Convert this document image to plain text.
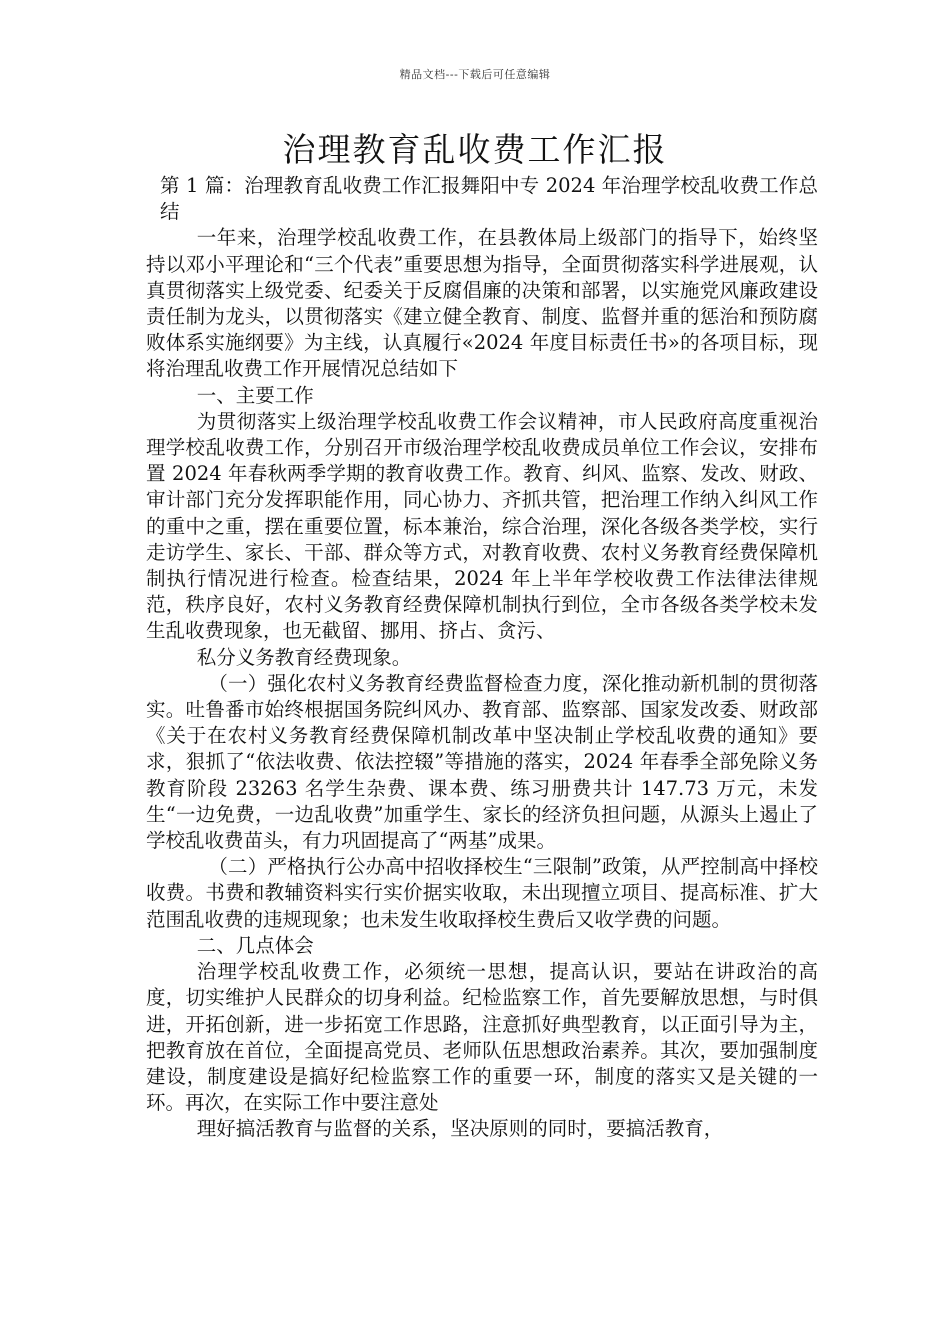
精品文档---下载后可任意编辑
治理教育乱收费工作汇报

第 1 篇：治理教育乱收费工作汇报舞阳中专 2024 年治理学校乱收费工作总结

一年来，治理学校乱收费工作，在县教体局上级部门的指导下，始终坚持以邓小平理论和“三个代表”重要思想为指导，全面贯彻落实科学进展观，认真贯彻落实上级党委、纪委关于反腐倡廉的决策和部署，以实施党风廉政建设责任制为龙头，以贯彻落实《建立健全教育、制度、监督并重的惩治和预防腐败体系实施纲要》为主线，认真履行«2024 年度目标责任书»的各项目标，现将治理乱收费工作开展情况总结如下

一、主要工作

为贯彻落实上级治理学校乱收费工作会议精神，市人民政府高度重视治理学校乱收费工作，分别召开市级治理学校乱收费成员单位工作会议，安排布置 2024 年春秋两季学期的教育收费工作。教育、纠风、监察、发改、财政、审计部门充分发挥职能作用，同心协力、齐抓共管，把治理工作纳入纠风工作的重中之重，摆在重要位置，标本兼治，综合治理，深化各级各类学校，实行走访学生、家长、干部、群众等方式，对教育收费、农村义务教育经费保障机制执行情况进行检查。检查结果，2024 年上半年学校收费工作法律法律规范，秩序良好，农村义务教育经费保障机制执行到位，全市各级各类学校未发生乱收费现象，也无截留、挪用、挤占、贪污、

私分义务教育经费现象。

（一）强化农村义务教育经费监督检查力度，深化推动新机制的贯彻落实。吐鲁番市始终根据国务院纠风办、教育部、监察部、国家发改委、财政部《关于在农村义务教育经费保障机制改革中坚决制止学校乱收费的通知》要求，狠抓了“依法收费、依法控辍”等措施的落实，2024 年春季全部免除义务教育阶段 23263 名学生杂费、课本费、练习册费共计 147.73 万元，未发生“一边免费，一边乱收费”加重学生、家长的经济负担问题，从源头上遏止了学校乱收费苗头，有力巩固提高了“两基”成果。

（二）严格执行公办高中招收择校生“三限制”政策，从严控制高中择校收费。书费和教辅资料实行实价据实收取，未出现擅立项目、提高标准、扩大范围乱收费的违规现象；也未发生收取择校生费后又收学费的问题。

二、几点体会

治理学校乱收费工作，必须统一思想，提高认识，要站在讲政治的高度，切实维护人民群众的切身利益。纪检监察工作，首先要解放思想，与时俱进，开拓创新，进一步拓宽工作思路，注意抓好典型教育，以正面引导为主，把教育放在首位，全面提高党员、老师队伍思想政治素养。其次，要加强制度建设，制度建设是搞好纪检监察工作的重要一环，制度的落实又是关键的一环。再次，在实际工作中要注意处

理好搞活教育与监督的关系，坚决原则的同时，要搞活教育，
